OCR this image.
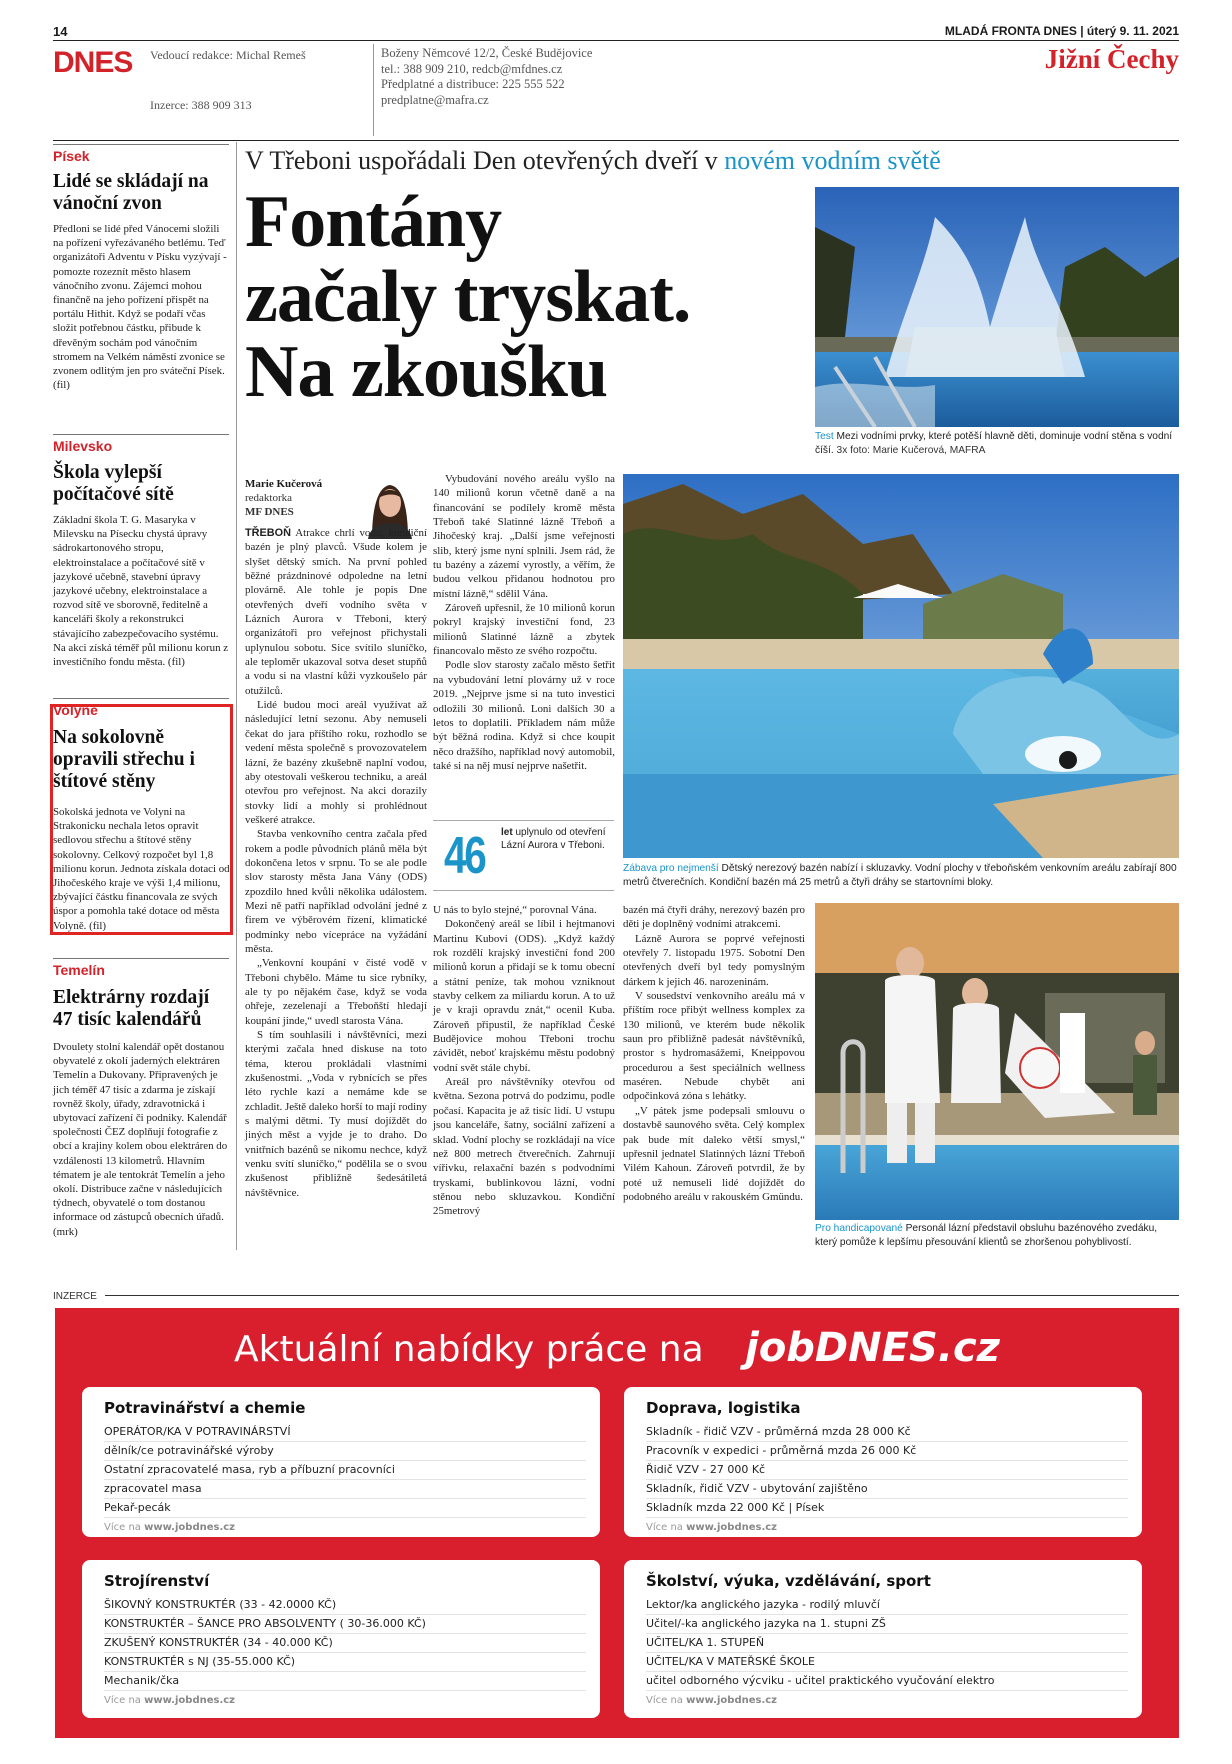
14	MLADÁ FRONTA DNES | úterý 9. 11. 2021
DNES Vedoucí redakce: Michal Remeš
Inzerce: 388 909 313
Boženy Němcové 12/2, České Budějovice
tel.: 388 909 210, redcb@mfdnes.cz
Předplatné a distribuce: 225 555 522
predplatne@mafra.cz
Jižní Čechy
Písek
Lidé se skládají na vánoční zvon
Předloni se lidé před Vánocemi složili na pořízení vyřezávaného betlému. Teď organizátoři Adventu v Písku vyzývají - pomozte rozeznít město hlasem vánočního zvonu. Zájemci mohou finančně na jeho pořízení přispět na portálu Hithit. Když se podaří včas složit potřebnou částku, přibude k dřevěným sochám pod vánočním stromem na Velkém náměstí zvonice se zvonem odlitým jen pro sváteční Písek. (fil)
Milevsko
Škola vylepší počítačové sítě
Základní škola T. G. Masaryka v Milevsku na Písecku chystá úpravy sádrokartonového stropu, elektroinstalace a počítačové sítě v jazykové učebně, stavební úpravy jazykové učebny, elektroinstalace a rozvod sítě ve sborovně, ředitelně a kanceláři školy a rekonstrukci stávajícího zabezpečovacího systému. Na akci získá téměř půl milionu korun z investičního fondu města. (fil)
Volyně
Na sokolovně opravili střechu i štítové stěny
Sokolská jednota ve Volyni na Strakonicku nechala letos opravit sedlovou střechu a štítové stěny sokolovny. Celkový rozpočet byl 1,8 milionu korun. Jednota získala dotaci od Jihočeského kraje ve výši 1,4 milionu, zbývající částku financovala ze svých úspor a pomohla také dotace od města Volyně. (fil)
Temelín
Elektrárny rozdají 47 tisíc kalendářů
Dvoulety stolní kalendář opět dostanou obyvatelé z okolí jaderných elektráren Temelín a Dukovany. Připravených je jich téměř 47 tisíc a zdarma je získají rovněž školy, úřady, zdravotnická i ubytovací zařízení či podniky. Kalendář společnosti ČEZ doplňují fotografie z obcí a krajiny kolem obou elektráren do vzdálenosti 13 kilometrů. Hlavním tématem je ale tentokrát Temelín a jeho okolí. Distribuce začne v následujících týdnech, obyvatelé o tom dostanou informace od zástupců obecních úřadů. (mrk)
V Třeboni uspořádali Den otevřených dveří v novém vodním světě
Fontány
začaly tryskat.
Na zkoušku
Marie Kučerová
redaktorka
MF DNES

TŘEBOŇ Atrakce chrlí vodu, kondiční bazén je plný plavců. Všude kolem je slyšet dětský smích. Na první pohled běžné prázdninové odpoledne na letní plovárně. Ale tohle je popis Dne otevřených dveří vodního světa v Lázních Aurora v Třeboni, který organizátoři pro veřejnost přichystali uplynulou sobotu. Sice svítilo sluníčko, ale teploměr ukazoval sotva deset stupňů a vodu si na vlastní kůži vyzkoušelo pár otužilců.

Lidé budou moci areál využívat až následující letní sezonu. Aby nemuseli čekat do jara příštího roku, rozhodlo se vedení města společně s provozovatelem lázní, že bazény zkušebně naplní vodou, aby otestovali veškerou techniku, a areál otevřou pro veřejnost. Na akci dorazily stovky lidí a mohly si prohlédnout veškeré atrakce.

Stavba venkovního centra začala před rokem a podle původních plánů měla být dokončena letos v srpnu. To se ale podle slov starosty města Jana Vány (ODS) zpozdilo hned kvůli několika událostem. Mezi ně patří například odvolání jedné z firem ve výběrovém řízení, klimatické podmínky nebo vícepráce na vyžádání města.

„Venkovní koupání v čisté vodě v Třeboni chybělo. Máme tu sice rybníky, ale ty po nějakém čase, když se voda ohřeje, zezelenají a Třeboňští hledají koupání jinde,“ uvedl starosta Vána.

S tím souhlasili i návštěvníci, mezi kterými začala hned diskuse na toto téma, kterou prokládali vlastními zkušenostmi. „Voda v rybnících se přes léto rychle kazí a nemáme kde se zchladit. Ještě daleko horší to mají rodiny s malými dětmi. Ty musí dojíždět do jiných měst a vyjde je to draho. Do vnitřních bazénů se nikomu nechce, když venku svítí sluníčko,“ podělila se o svou zkušenost přibližně šedesátiletá návštěvnice.

Vybudování nového areálu vyšlo na 140 milionů korun včetně daně a na financování se podílely kromě města Třeboň také Slatinné lázně Třeboň a Jihočeský kraj. „Další jsme veřejnosti slib, který jsme nyní splnili. Jsem rád, že tu bazény a zázemí vyrostly, a věřím, že budou velkou přidanou hodnotou pro místní lázně,“ sdělil Vána.

Zároveň upřesnil, že 10 milionů korun pokryl krajský investiční fond, 23 milionů Slatinné lázně a zbytek financovalo město ze svého rozpočtu.

Podle slov starosty začalo město šetřit na vybudování letní plovárny už v roce 2019. „Nejprve jsme si na tuto investici odložili 30 milionů. Loni dalších 30 a letos to doplatili. Příkladem nám může být běžná rodina. Když si chce koupit něco dražšího, například nový automobil, také si na něj musí nejprve našetřit.

46 let uplynulo od otevření Lázní Aurora v Třeboni.

U nás to bylo stejné,“ porovnal Vána.

Dokončený areál se líbil i hejtmanovi Martinu Kubovi (ODS). „Když každý rok rozdělí krajský investiční fond 200 milionů korun a přidají se k tomu obecní a státní peníze, tak mohou vzniknout stavby celkem za miliardu korun. A to už je v kraji opravdu znát,“ ocenil Kuba. Zároveň připustil, že například České Budějovice mohou Třeboni trochu závidět, neboť krajskému městu podobný vodní svět stále chybí.

Areál pro návštěvníky otevřou od května. Sezona potrvá do podzimu, podle počasí. Kapacita je až tisíc lidí. U vstupu jsou kanceláře, šatny, sociální zařízení a sklad. Vodní plochy se rozkládají na více než 800 metrech čtverečních. Zahrnují vířivku, relaxační bazén s podvodními tryskami, bublinkovou lázní, vodní stěnou nebo skluzavkou. Kondiční 25metrový

bazén má čtyři dráhy, nerezový bazén pro děti je doplněný vodními atrakcemi.

Lázně Aurora se poprvé veřejnosti otevřely 7. listopadu 1975. Sobotní Den otevřených dveří byl tedy pomyslným dárkem k jejich 46. narozeninám.

V sousedství venkovního areálu má v příštím roce přibýt wellness komplex za 130 milionů, ve kterém bude několik saun pro přibližně padesát návštěvníků, prostor s hydromasážemi, Kneippovou procedurou a šest speciálních wellness maséren. Nebude chybět ani odpočinková zóna s lehátky.

„V pátek jsme podepsali smlouvu o dostavbě saunového světa. Celý komplex pak bude mít daleko větší smysl,“ upřesnil jednatel Slatinných lázní Třeboň Vilém Kahoun. Zároveň potvrdil, že by poté už nemuseli lidé dojíždět do podobného areálu v rakouském Gmündu.

Test Mezi vodními prvky, které potěší hlavně děti, dominuje vodní stěna s vodní číší. 3x foto: Marie Kučerová, MAFRA
Zábava pro nejmenší Dětský nerezový bazén nabízí i skluzavky. Vodní plochy v třeboňském venkovním areálu zabírají 800 metrů čtverečních. Kondiční bazén má 25 metrů a čtyři dráhy se startovními bloky.
Pro handicapované Personál lázní představil obsluhu bazénového zvedáku, který pomůže k lepšímu přesouvání klientů se zhoršenou pohyblivostí.
INZERCE
Aktuální nabídky práce na jobDNES.cz
Potravinářství a chemie
OPERÁTOR/KA V POTRAVINÁRSTVÍ
dělník/ce potravinářské výroby
Ostatní zpracovatelé masa, ryb a příbuzní pracovníci
zpracovatel masa
Pekař-pecák
Více na www.jobdnes.cz
Doprava, logistika
Skladník - řidič VZV - průměrná mzda 28 000 Kč
Pracovník v expedici - průměrná mzda 26 000 Kč
Řidič VZV - 27 000 Kč
Skladník, řidič VZV - ubytování zajištěno
Skladník mzda 22 000 Kč | Písek
Více na www.jobdnes.cz
Strojírenství
ŠIKOVNÝ KONSTRUKTÉR (33 - 42.0000 KČ)
KONSTRUKTÉR – ŠANCE PRO ABSOLVENTY ( 30-36.000 KČ)
ZKUŠENÝ KONSTRUKTÉR (34 - 40.000 KČ)
KONSTRUKTÉR s NJ (35-55.000 KČ)
Mechanik/čka
Více na www.jobdnes.cz
Školství, výuka, vzdělávání, sport
Lektor/ka anglického jazyka - rodilý mluvčí
Učitel/-ka anglického jazyka na 1. stupni ZŠ
UČITEL/KA 1. STUPEŇ
UČITEL/KA V MATEŘSKÉ ŠKOLE
učitel odborného výcviku - učitel praktického vyučování elektro
Více na www.jobdnes.cz
